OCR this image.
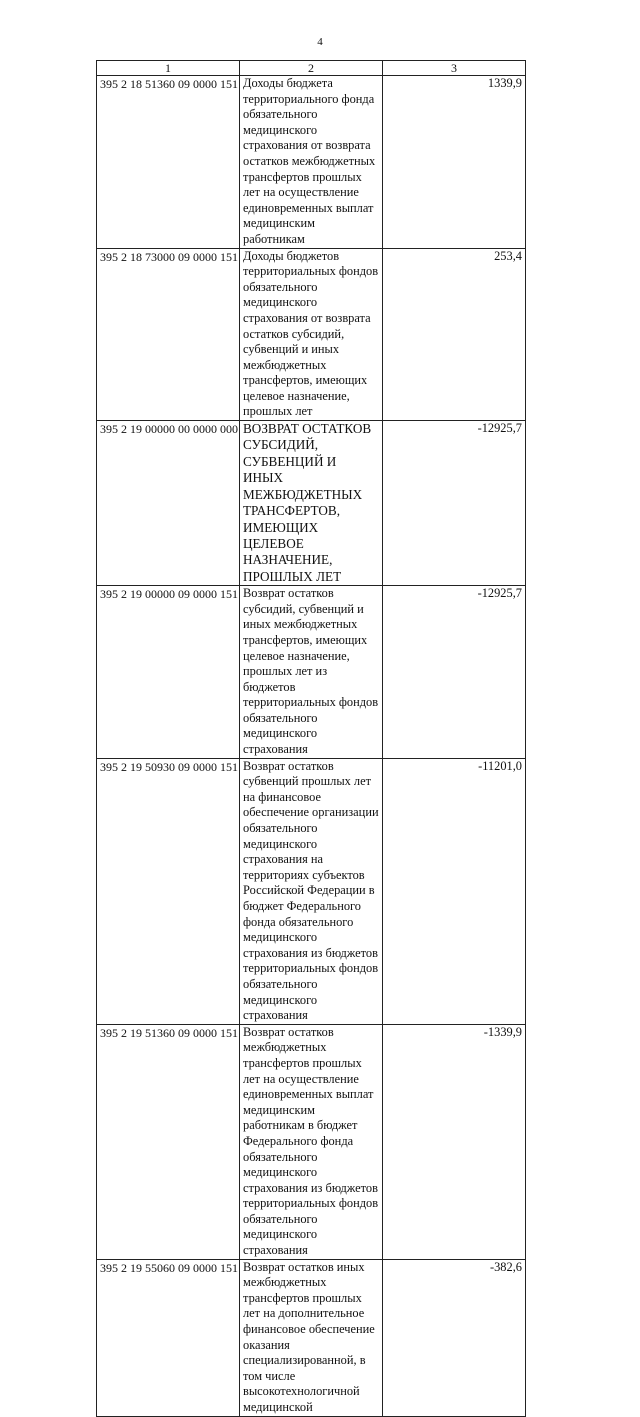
4
1	2	3
395 2 18 51360 09 0000 151	Доходы бюджета территориального фонда обязательного медицинского страхования от возврата остатков межбюджетных трансфертов прошлых лет на осуществление единовременных выплат медицинским работникам	1339,9
395 2 18 73000 09 0000 151	Доходы бюджетов территориальных фондов обязательного медицинского страхования от возврата остатков субсидий, субвенций и иных межбюджетных трансфертов, имеющих целевое назначение, прошлых лет	253,4
395 2 19 00000 00 0000 000	ВОЗВРАТ ОСТАТКОВ СУБСИДИЙ, СУБВЕНЦИЙ И ИНЫХ МЕЖБЮДЖЕТНЫХ ТРАНСФЕРТОВ, ИМЕЮЩИХ ЦЕЛЕВОЕ НАЗНАЧЕНИЕ, ПРОШЛЫХ ЛЕТ	-12925,7
395 2 19 00000 09 0000 151	Возврат остатков субсидий, субвенций и иных межбюджетных трансфертов, имеющих целевое назначение, прошлых лет из бюджетов территориальных фондов обязательного медицинского страхования	-12925,7
395 2 19 50930 09 0000 151	Возврат остатков субвенций прошлых лет на финансовое обеспечение организации обязательного медицинского страхования на территориях субъектов Российской Федерации в бюджет Федерального фонда обязательного медицинского страхования из бюджетов территориальных фондов обязательного медицинского страхования	-11201,0
395 2 19 51360 09 0000 151	Возврат остатков межбюджетных трансфертов прошлых лет на осуществление единовременных выплат медицинским работникам в бюджет Федерального фонда обязательного медицинского страхования из бюджетов территориальных фондов обязательного медицинского страхования	-1339,9
395 2 19 55060 09 0000 151	Возврат остатков иных межбюджетных трансфертов прошлых лет на дополнительное финансовое обеспечение оказания специализированной, в том числе высокотехнологичной медицинской	-382,6
